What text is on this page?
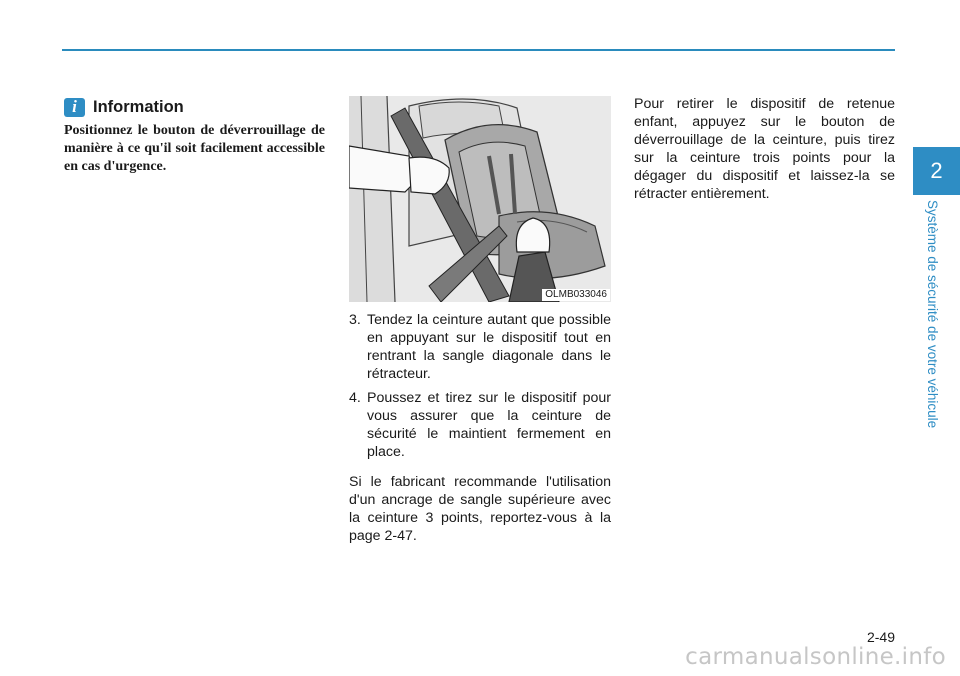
i Information
Positionnez le bouton de déverrouillage de manière à ce qu'il soit facilement accessible en cas d'urgence.
OLMB033046
3. Tendez la ceinture autant que possible en appuyant sur le dispositif tout en rentrant la sangle diagonale dans le rétracteur.
4. Poussez et tirez sur le dispositif pour vous assurer que la ceinture de sécurité le maintient fermement en place.

Si le fabricant recommande l'utilisation d'un ancrage de sangle supérieure avec la ceinture 3 points, reportez-vous à la page 2-47.

Pour retirer le dispositif de retenue enfant, appuyez sur le bouton de déverrouillage de la ceinture, puis tirez sur la ceinture trois points pour la dégager du dispositif et laissez-la se rétracter entièrement.

2
Système de sécurité de votre véhicule
2-49
carmanualsonline.info
